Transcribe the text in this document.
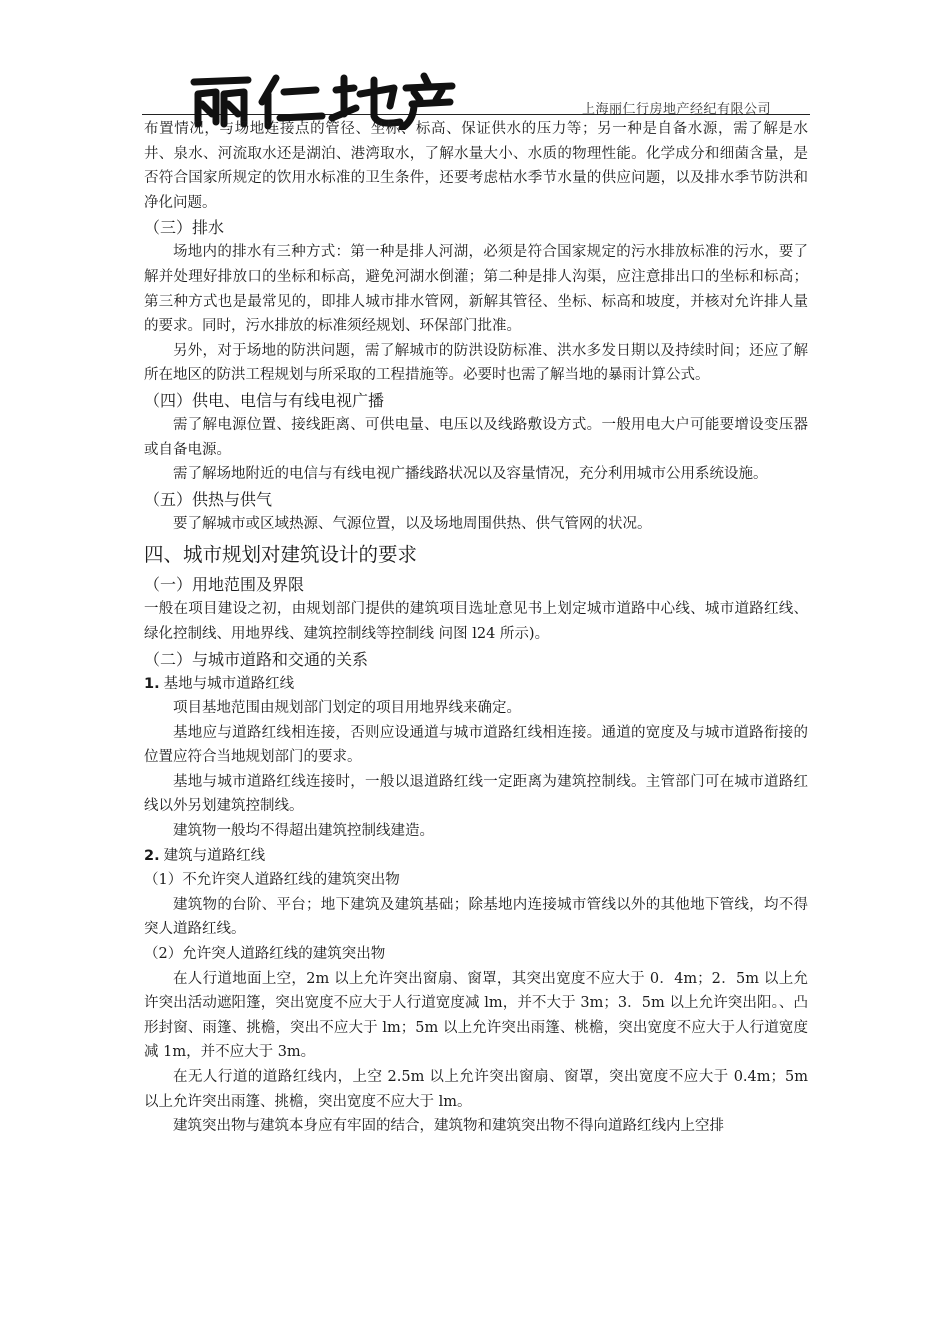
上海丽仁行房地产经纪有限公司

布置情况，与场地连接点的管径、坐标、标高、保证供水的压力等；另一种是自备水源，需了解是水井、泉水、河流取水还是湖泊、港湾取水，了解水量大小、水质的物理性能。化学成分和细菌含量，是否符合国家所规定的饮用水标准的卫生条件，还要考虑枯水季节水量的供应问题，以及排水季节防洪和净化问题。

（三）排水

场地内的排水有三种方式：第一种是排人河湖，必须是符合国家规定的污水排放标准的污水，要了解并处理好排放口的坐标和标高，避免河湖水倒灌；第二种是排人沟渠，应注意排出口的坐标和标高；第三种方式也是最常见的，即排人城市排水管网，新解其管径、坐标、标高和坡度，并核对允许排人量的要求。同时，污水排放的标准须经规划、环保部门批准。

另外，对于场地的防洪问题，需了解城市的防洪设防标准、洪水多发日期以及持续时间；还应了解所在地区的防洪工程规划与所采取的工程措施等。必要时也需了解当地的暴雨计算公式。

（四）供电、电信与有线电视广播

需了解电源位置、接线距离、可供电量、电压以及线路敷设方式。一般用电大户可能要增设变压器或自备电源。

需了解场地附近的电信与有线电视广播线路状况以及容量情况，充分利用城市公用系统设施。

（五）供热与供气

要了解城市或区域热源、气源位置，以及场地周围供热、供气管网的状况。

四、城市规划对建筑设计的要求

（一）用地范围及界限

一般在项目建设之初，由规划部门提供的建筑项目选址意见书上划定城市道路中心线、城市道路红线、绿化控制线、用地界线、建筑控制线等控制线 问图 l24 所示)。

（二）与城市道路和交通的关系

1. 基地与城市道路红线

项目基地范围由规划部门划定的项目用地界线来确定。

基地应与道路红线相连接，否则应设通道与城市道路红线相连接。通道的宽度及与城市道路衔接的位置应符合当地规划部门的要求。

基地与城市道路红线连接时，一般以退道路红线一定距离为建筑控制线。主管部门可在城市道路红线以外另划建筑控制线。

建筑物一般均不得超出建筑控制线建造。

2. 建筑与道路红线

（1）不允许突人道路红线的建筑突出物

建筑物的台阶、平台；地下建筑及建筑基础；除基地内连接城市管线以外的其他地下管线，均不得突人道路红线。

（2）允许突人道路红线的建筑突出物

在人行道地面上空，2m 以上允许突出窗扇、窗罩，其突出宽度不应大于 0．4m；2．5m 以上允许突出活动遮阳篷，突出宽度不应大于人行道宽度减 lm，并不大于 3m；3．5m 以上允许突出阳。、凸形封窗、雨篷、挑檐，突出不应大于 lm；5m 以上允许突出雨篷、桃檐，突出宽度不应大于人行道宽度减 1m，并不应大于 3m。

在无人行道的道路红线内，上空 2.5m 以上允许突出窗扇、窗罩，突出宽度不应大于 0.4m；5m 以上允许突出雨篷、挑檐，突出宽度不应大于 lm。

建筑突出物与建筑本身应有牢固的结合，建筑物和建筑突出物不得向道路红线内上空排
